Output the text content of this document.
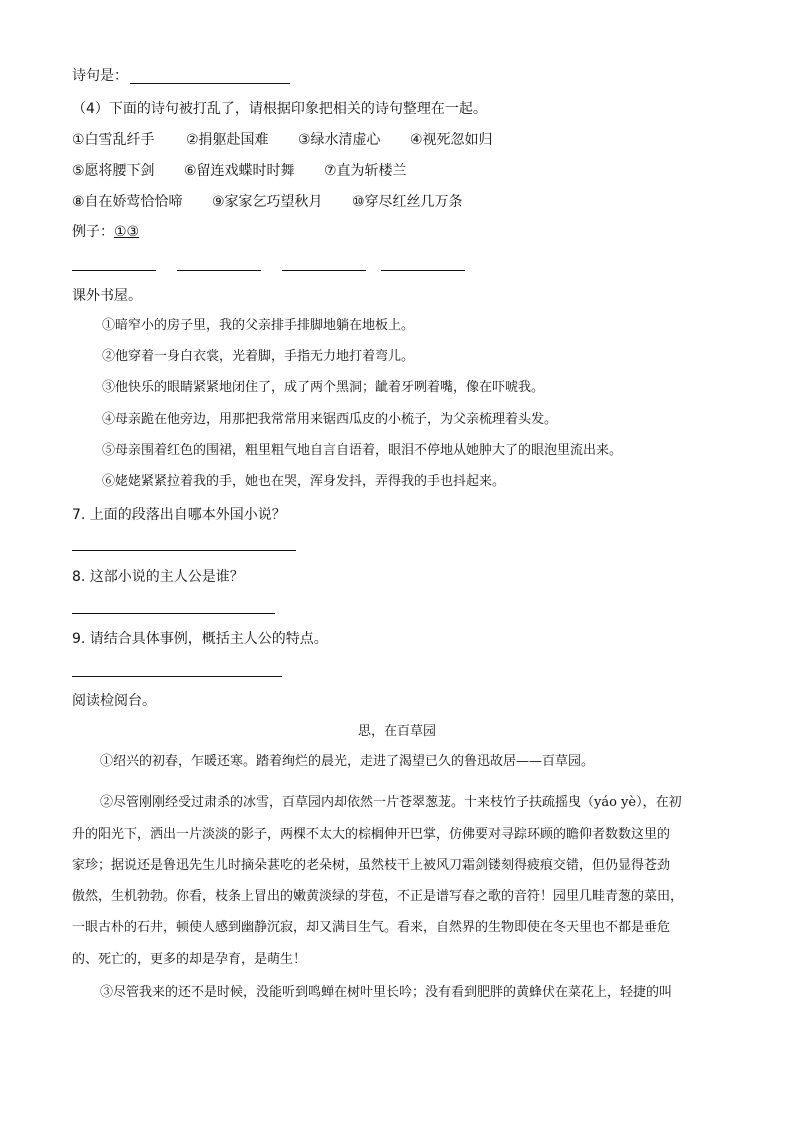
诗句是：
（4）下面的诗句被打乱了，请根据印象把相关的诗句整理在一起。
①白雪乱纤手 ②捐躯赴国难 ③绿水清虚心 ④视死忽如归
⑤愿将腰下剑 ⑥留连戏蝶时时舞 ⑦直为斩楼兰
⑧自在娇莺恰恰啼 ⑨家家乞巧望秋月 ⑩穿尽红丝几万条
例子：①③
课外书屋。
①暗窄小的房子里，我的父亲排手排脚地躺在地板上。
②他穿着一身白衣裳，光着脚，手指无力地打着弯儿。
③他快乐的眼睛紧紧地闭住了，成了两个黑洞；龇着牙咧着嘴，像在吓唬我。
④母亲跪在他旁边，用那把我常常用来锯西瓜皮的小梳子，为父亲梳理着头发。
⑤母亲围着红色的围裙，粗里粗气地自言自语着，眼泪不停地从她肿大了的眼泡里流出来。
⑥姥姥紧紧拉着我的手，她也在哭，浑身发抖，弄得我的手也抖起来。
7. 上面的段落出自哪本外国小说？
8. 这部小说的主人公是谁？
9. 请结合具体事例，概括主人公的特点。
阅读检阅台。
思，在百草园
①绍兴的初春，乍暖还寒。踏着绚烂的晨光，走进了渴望已久的鲁迅故居——百草园。
②尽管刚刚经受过肃杀的冰雪，百草园内却依然一片苍翠葱茏。十来枝竹子扶疏摇曳（yáo yè），在初
升的阳光下，洒出一片淡淡的影子，两棵不太大的棕榈伸开巴掌，仿佛要对寻踪环顾的瞻仰者数数这里的
家珍；据说还是鲁迅先生儿时摘朵葚吃的老朵树，虽然枝干上被风刀霜剑镂刻得疲痕交错，但仍显得苍劲
傲然，生机勃勃。你看，枝条上冒出的嫩黄淡绿的芽苞，不正是谱写春之歌的音符！园里几畦青葱的菜田，
一眼古朴的石井，顿使人感到幽静沉寂，却又满目生气。看来，自然界的生物即使在冬天里也不都是垂危
的、死亡的，更多的却是孕育，是萌生！
③尽管我来的还不是时候，没能听到鸣蝉在树叶里长吟；没有看到肥胖的黄蜂伏在菜花上，轻捷的叫
